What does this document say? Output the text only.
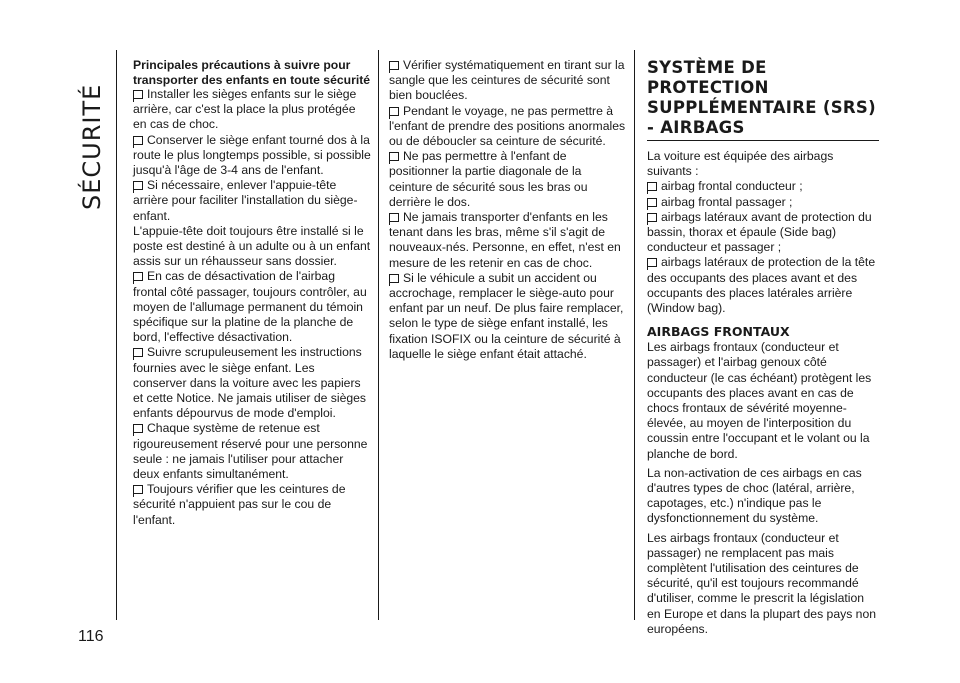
SÉCURITÉ
116

Principales précautions à suivre pour transporter des enfants en toute sécurité

Installer les sièges enfants sur le siège arrière, car c'est la place la plus protégée en cas de choc.

Conserver le siège enfant tourné dos à la route le plus longtemps possible, si possible jusqu'à l'âge de 3-4 ans de l'enfant.

Si nécessaire, enlever l'appuie-tête arrière pour faciliter l'installation du siège-enfant.

L'appuie-tête doit toujours être installé si le poste est destiné à un adulte ou à un enfant assis sur un réhausseur sans dossier.

En cas de désactivation de l'airbag frontal côté passager, toujours contrôler, au moyen de l'allumage permanent du témoin spécifique sur la platine de la planche de bord, l'effective désactivation.

Suivre scrupuleusement les instructions fournies avec le siège enfant. Les conserver dans la voiture avec les papiers et cette Notice. Ne jamais utiliser de sièges enfants dépourvus de mode d'emploi.

Chaque système de retenue est rigoureusement réservé pour une personne seule : ne jamais l'utiliser pour attacher deux enfants simultanément.

Toujours vérifier que les ceintures de sécurité n'appuient pas sur le cou de l'enfant.

Vérifier systématiquement en tirant sur la sangle que les ceintures de sécurité sont bien bouclées.

Pendant le voyage, ne pas permettre à l'enfant de prendre des positions anormales ou de déboucler sa ceinture de sécurité.

Ne pas permettre à l'enfant de positionner la partie diagonale de la ceinture de sécurité sous les bras ou derrière le dos.

Ne jamais transporter d'enfants en les tenant dans les bras, même s'il s'agit de nouveaux-nés. Personne, en effet, n'est en mesure de les retenir en cas de choc.

Si le véhicule a subit un accident ou accrochage, remplacer le siège-auto pour enfant par un neuf. De plus faire remplacer, selon le type de siège enfant installé, les fixation ISOFIX ou la ceinture de sécurité à laquelle le siège enfant était attaché.

SYSTÈME DE PROTECTION SUPPLÉMENTAIRE (SRS) - AIRBAGS

La voiture est équipée des airbags suivants :

airbag frontal conducteur ;

airbag frontal passager ;

airbags latéraux avant de protection du bassin, thorax et épaule (Side bag) conducteur et passager ;

airbags latéraux de protection de la tête des occupants des places avant et des occupants des places latérales arrière (Window bag).

AIRBAGS FRONTAUX

Les airbags frontaux (conducteur et passager) et l'airbag genoux côté conducteur (le cas échéant) protègent les occupants des places avant en cas de chocs frontaux de sévérité moyenne-élevée, au moyen de l'interposition du coussin entre l'occupant et le volant ou la planche de bord.

La non-activation de ces airbags en cas d'autres types de choc (latéral, arrière, capotages, etc.) n'indique pas le dysfonctionnement du système.

Les airbags frontaux (conducteur et passager) ne remplacent pas mais complètent l'utilisation des ceintures de sécurité, qu'il est toujours recommandé d'utiliser, comme le prescrit la législation en Europe et dans la plupart des pays non européens.
